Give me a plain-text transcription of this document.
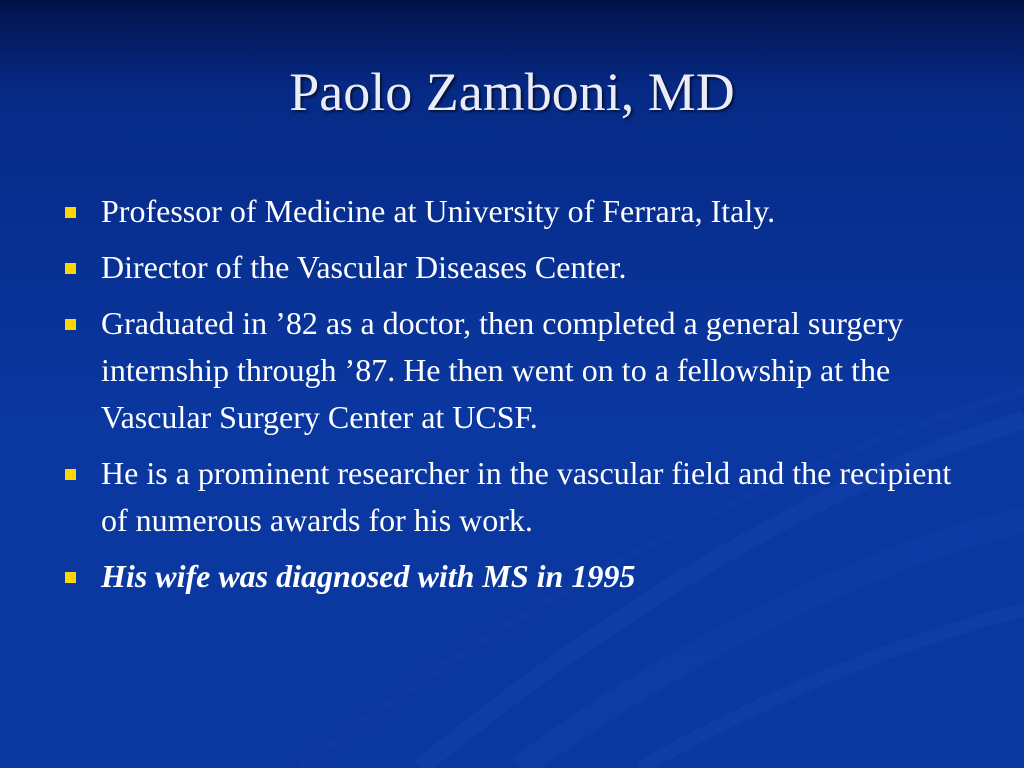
Paolo Zamboni, MD
Professor of Medicine at University of Ferrara, Italy.
Director of the Vascular Diseases Center.
Graduated in ’82 as a doctor, then completed a general surgery internship through ’87. He then went on to a fellowship at the Vascular Surgery Center at UCSF.
He is a prominent researcher in the vascular field and the recipient of numerous awards for his work.
His wife was diagnosed with MS in 1995
